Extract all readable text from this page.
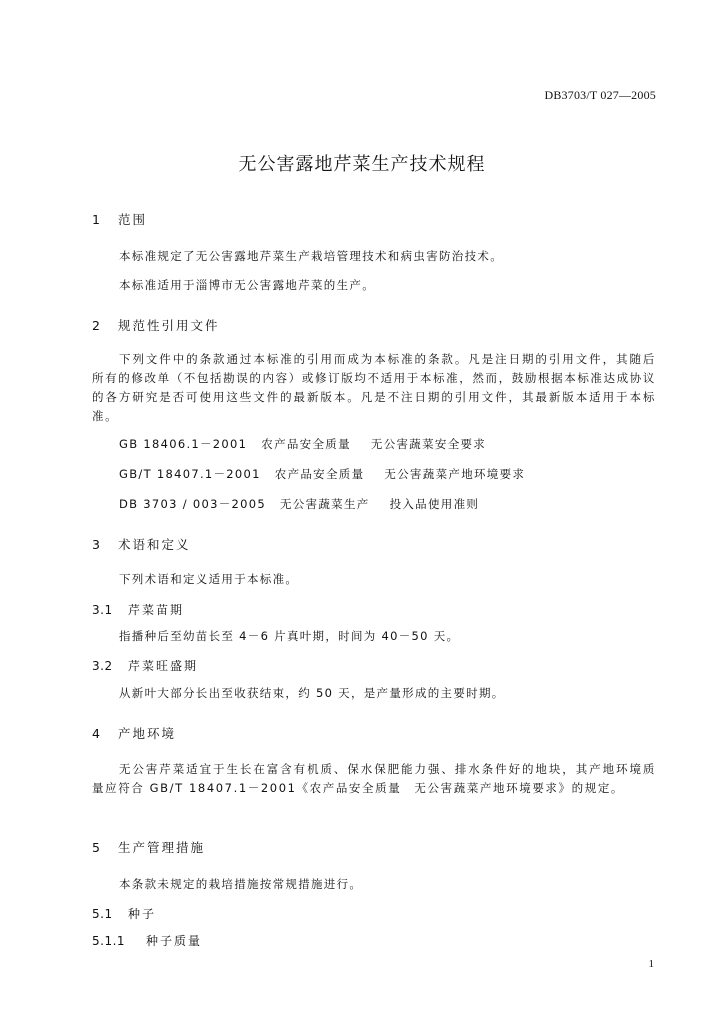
DB3703/T 027—2005
无公害露地芹菜生产技术规程
1 范围
本标准规定了无公害露地芹菜生产栽培管理技术和病虫害防治技术。
本标准适用于淄博市无公害露地芹菜的生产。
2 规范性引用文件
下列文件中的条款通过本标准的引用而成为本标准的条款。凡是注日期的引用文件，其随后所有的修改单（不包括勘误的内容）或修订版均不适用于本标准，然而，鼓励根据本标准达成协议的各方研究是否可使用这些文件的最新版本。凡是不注日期的引用文件，其最新版本适用于本标准。
GB 18406.1－2001 农产品安全质量 无公害蔬菜安全要求
GB/T 18407.1－2001 农产品安全质量 无公害蔬菜产地环境要求
DB 3703 / 003－2005 无公害蔬菜生产 投入品使用准则
3 术语和定义
下列术语和定义适用于本标准。
3.1 芹菜苗期
指播种后至幼苗长至 4－6 片真叶期，时间为 40－50 天。
3.2 芹菜旺盛期
从新叶大部分长出至收获结束，约 50 天，是产量形成的主要时期。
4 产地环境
无公害芹菜适宜于生长在富含有机质、保水保肥能力强、排水条件好的地块，其产地环境质量应符合 GB/T 18407.1－2001《农产品安全质量　无公害蔬菜产地环境要求》的规定。
5 生产管理措施
本条款未规定的栽培措施按常规措施进行。
5.1 种子
5.1.1 种子质量
1
